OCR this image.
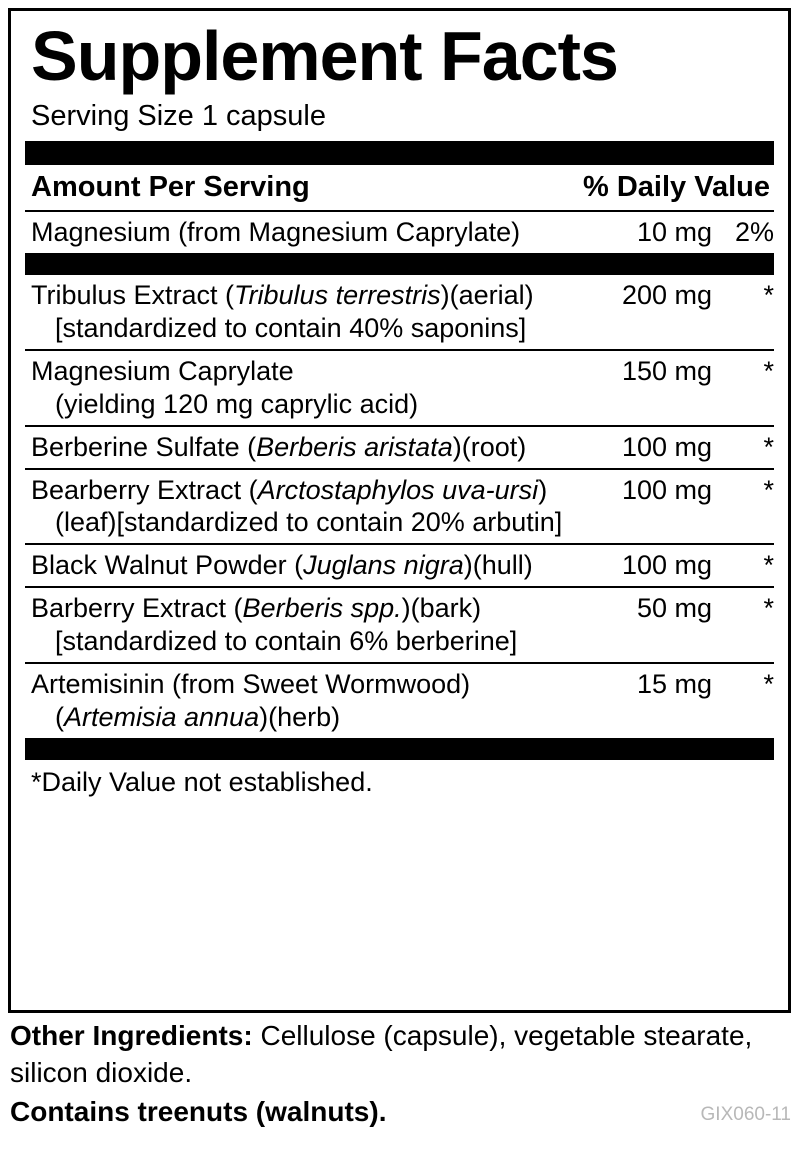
Supplement Facts
Serving Size 1 capsule
Amount Per Serving	% Daily Value
Magnesium (from Magnesium Caprylate)	10 mg 2%
Tribulus Extract (Tribulus terrestris)(aerial)
[standardized to contain 40% saponins]
200 mg	*
Magnesium Caprylate
(yielding 120 mg caprylic acid)
150 mg	*
Berberine Sulfate (Berberis aristata)(root)	100 mg	*
Bearberry Extract (Arctostaphylos uva-ursi)
(leaf)[standardized to contain 20% arbutin]
100 mg	*
Black Walnut Powder (Juglans nigra)(hull)	100 mg	*
Barberry Extract (Berberis spp.)(bark)
[standardized to contain 6% berberine]
50 mg	*
Artemisinin (from Sweet Wormwood)
(Artemisia annua)(herb)
15 mg	*
*Daily Value not established.
Other Ingredients: Cellulose (capsule), vegetable stearate, silicon dioxide.
Contains treenuts (walnuts).	GIX060-11
